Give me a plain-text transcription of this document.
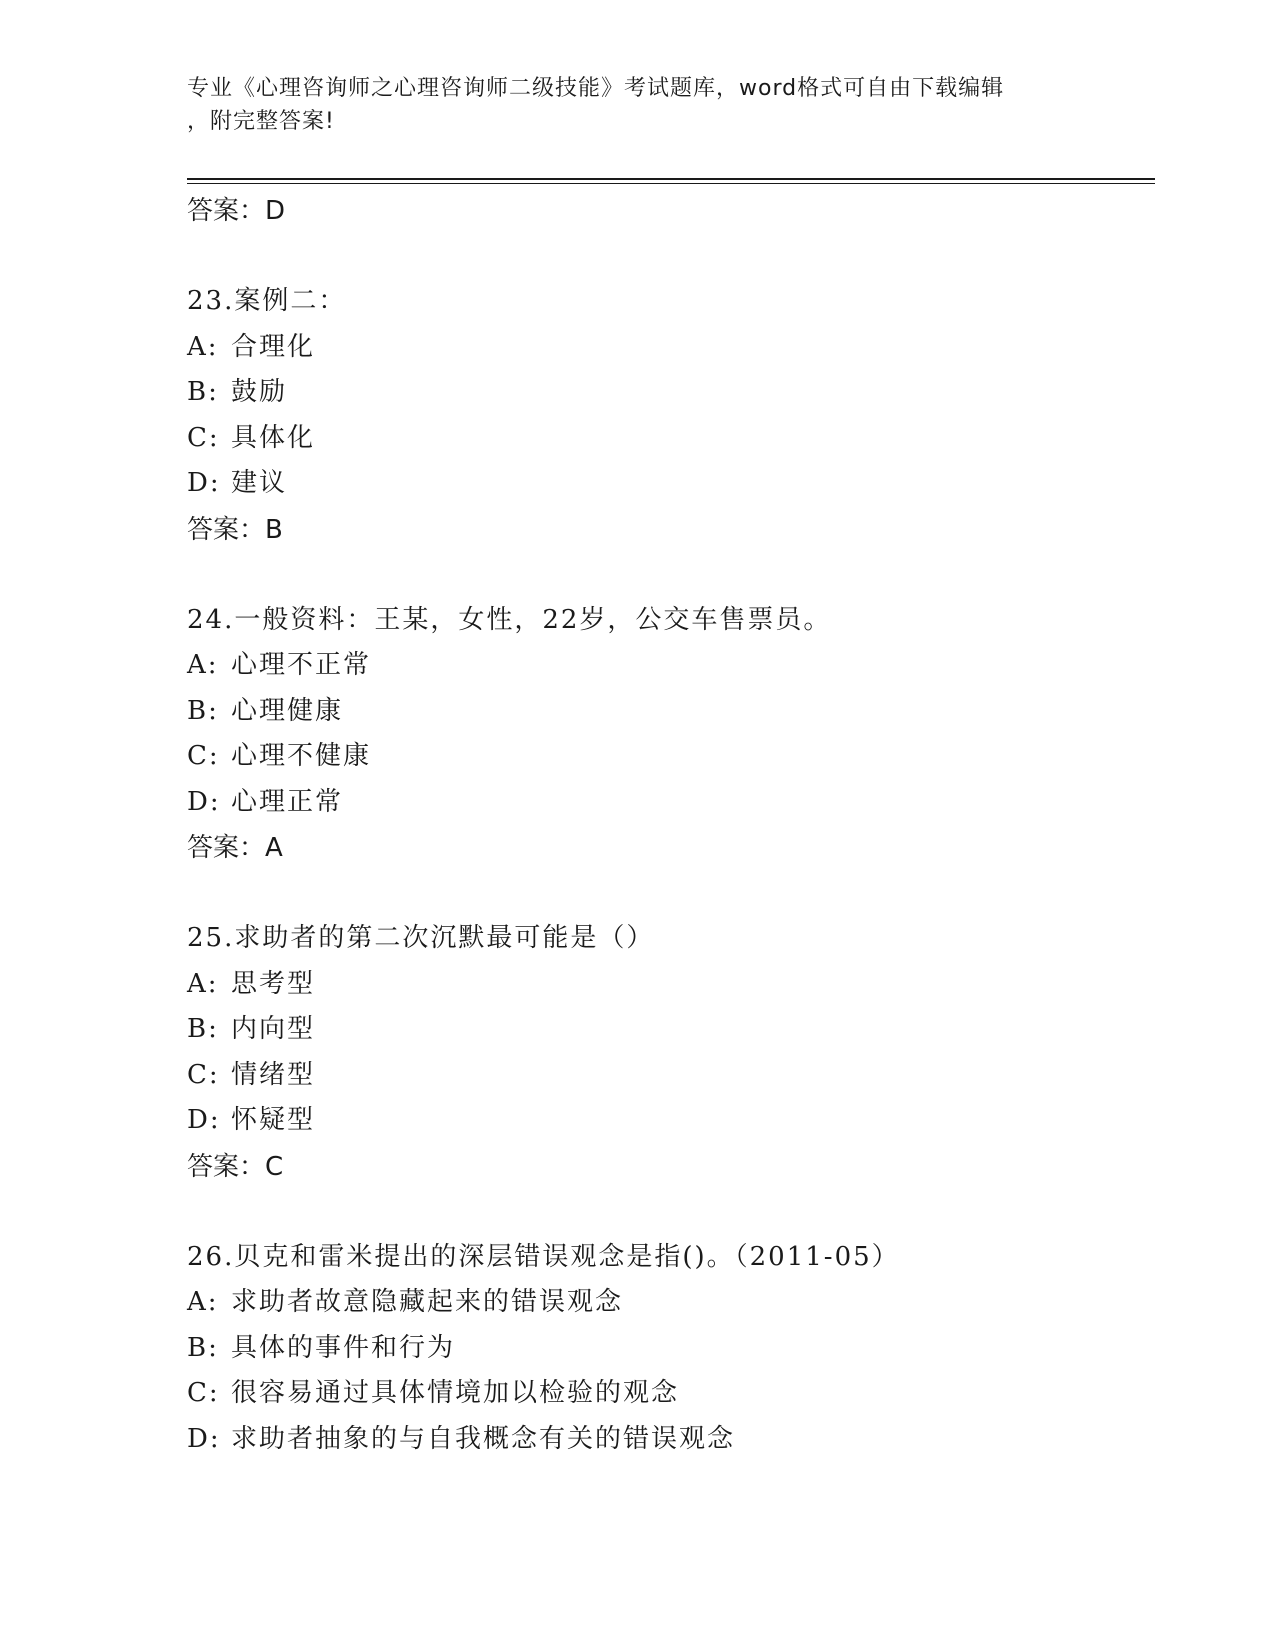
专业《心理咨询师之心理咨询师二级技能》考试题库，word格式可自由下载编辑
，附完整答案!
答案：D
23.案例二：
A: 合理化
B: 鼓励
C: 具体化
D: 建议
答案：B
24.一般资料：王某，女性，22岁，公交车售票员。
A: 心理不正常
B: 心理健康
C: 心理不健康
D: 心理正常
答案：A
25.求助者的第二次沉默最可能是（）
A: 思考型
B: 内向型
C: 情绪型
D: 怀疑型
答案：C
26.贝克和雷米提出的深层错误观念是指()。（2011-05）
A: 求助者故意隐藏起来的错误观念
B: 具体的事件和行为
C: 很容易通过具体情境加以检验的观念
D: 求助者抽象的与自我概念有关的错误观念
